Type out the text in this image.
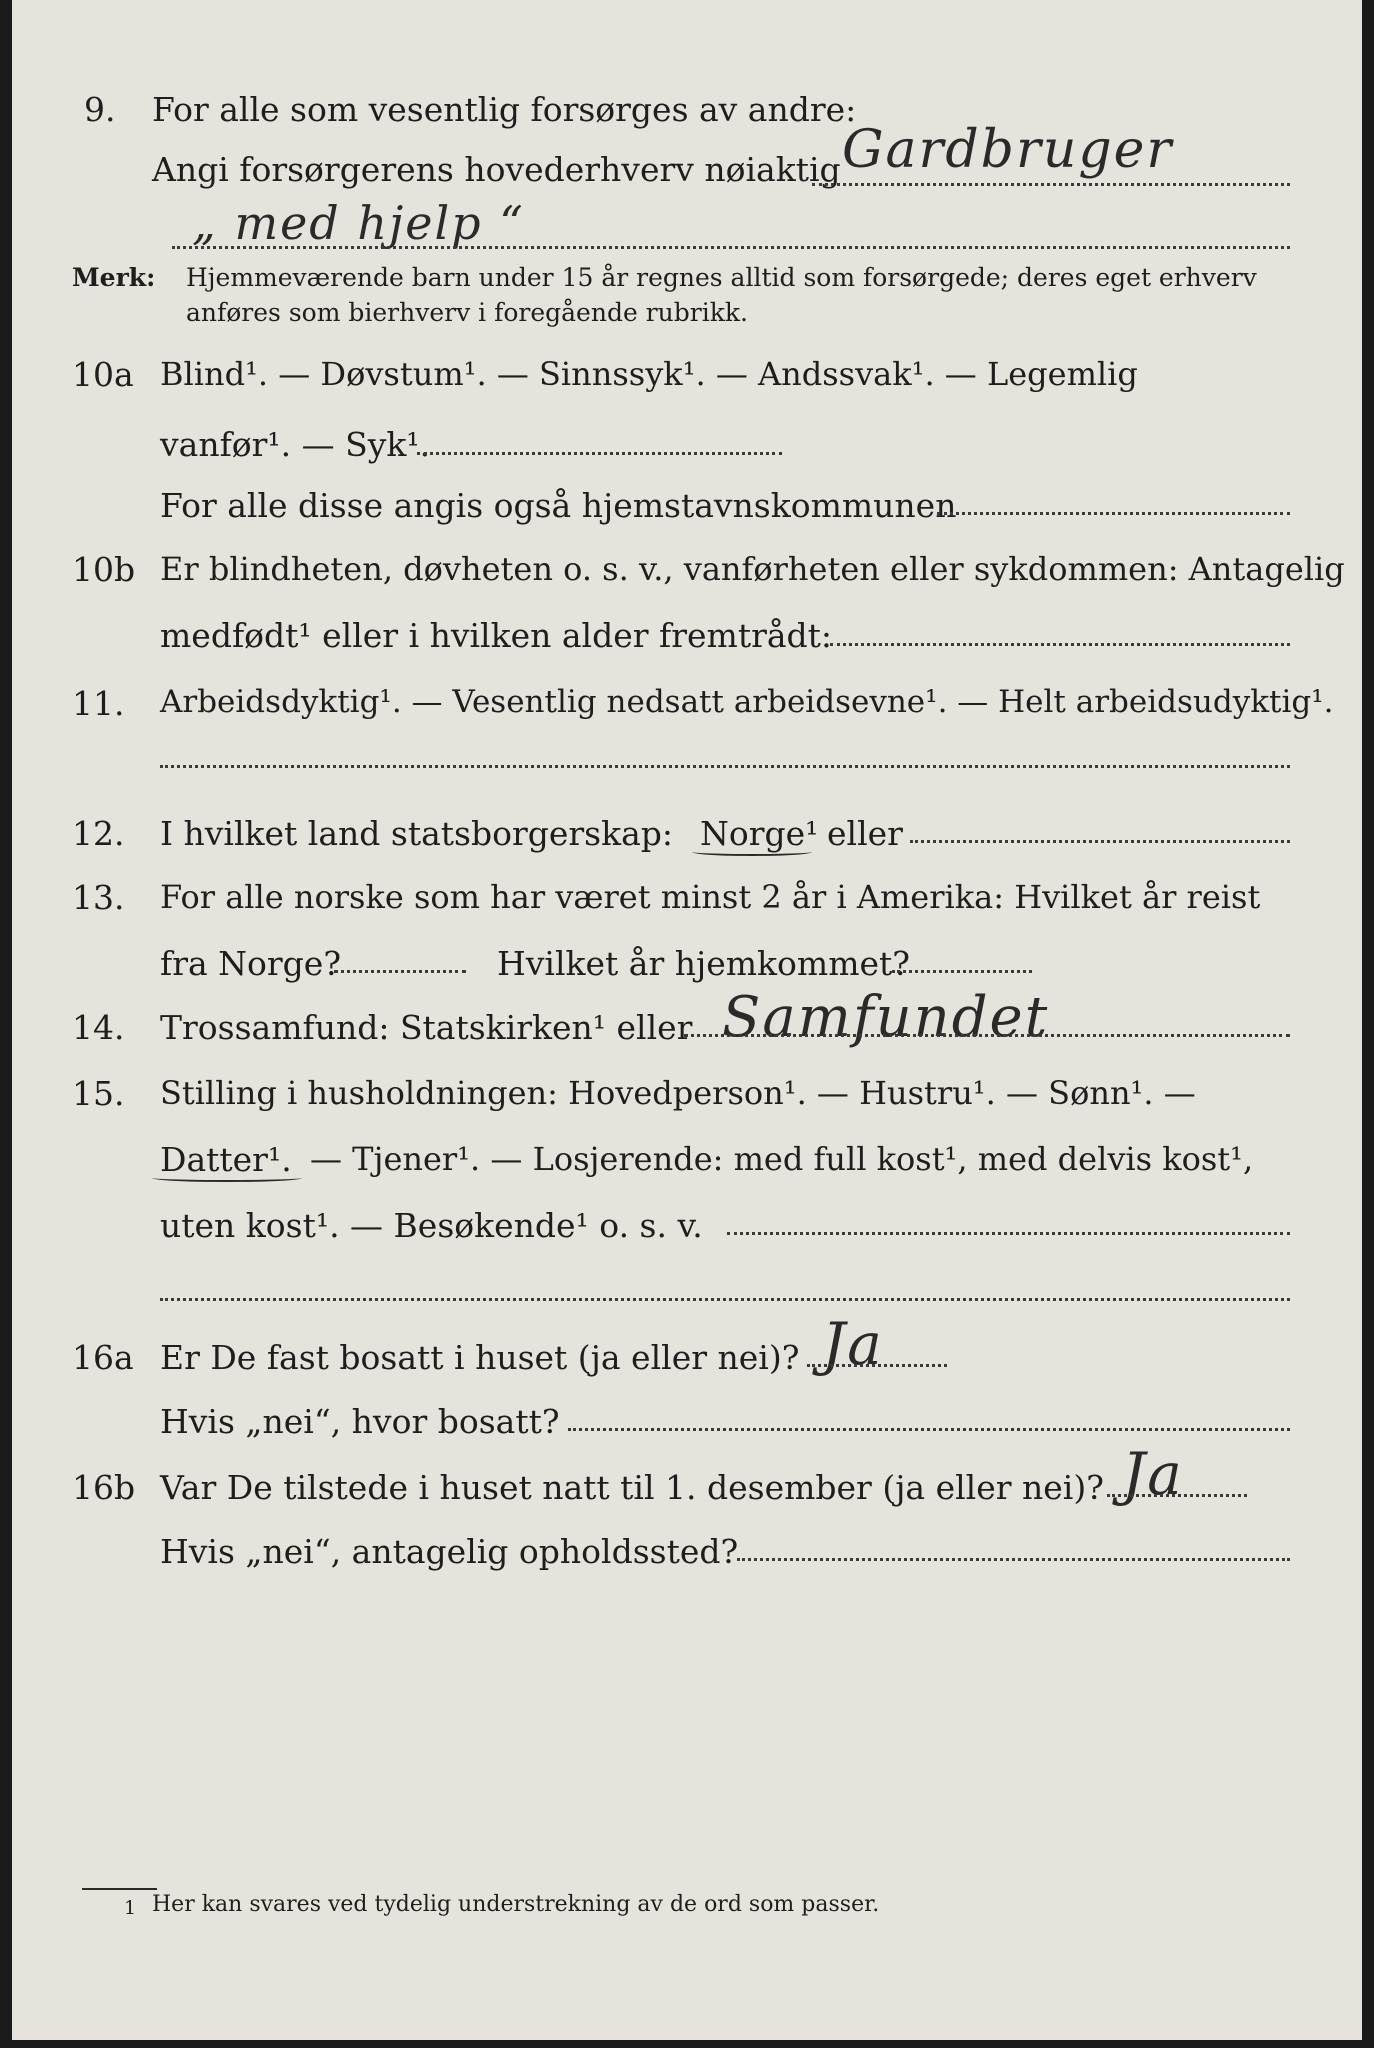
9. For alle som vesentlig forsørges av andre:
Angi forsørgerens hovederhverv nøiaktig Gardbruger
„ med hjelp “
Merk: Hjemmeværende barn under 15 år regnes alltid som forsørgede; deres eget erhverv
anføres som bierhverv i foregående rubrikk.
10a Blind¹. — Døvstum¹. — Sinnssyk¹. — Andssvak¹. — Legemlig
vanfør¹. — Syk¹.
For alle disse angis også hjemstavnskommunen
10b Er blindheten, døvheten o. s. v., vanførheten eller sykdommen: Antagelig
medfødt¹ eller i hvilken alder fremtrådt:
11. Arbeidsdyktig¹. — Vesentlig nedsatt arbeidsevne¹. — Helt arbeidsudyktig¹.
12. I hvilket land statsborgerskap: Norge¹ eller
13. For alle norske som har været minst 2 år i Amerika: Hvilket år reist
fra Norge?	Hvilket år hjemkommet?
14. Trossamfund: Statskirken¹ eller Samfundet
15. Stilling i husholdningen: Hovedperson¹. — Hustru¹. — Sønn¹. —
Datter¹. — Tjener¹. — Losjerende: med full kost¹, med delvis kost¹,
uten kost¹. — Besøkende¹ o. s. v.
16a Er De fast bosatt i huset (ja eller nei)? Ja
Hvis „nei“, hvor bosatt?
16b Var De tilstede i huset natt til 1. desember (ja eller nei)? Ja
Hvis „nei“, antagelig opholdssted?
1 Her kan svares ved tydelig understrekning av de ord som passer.
